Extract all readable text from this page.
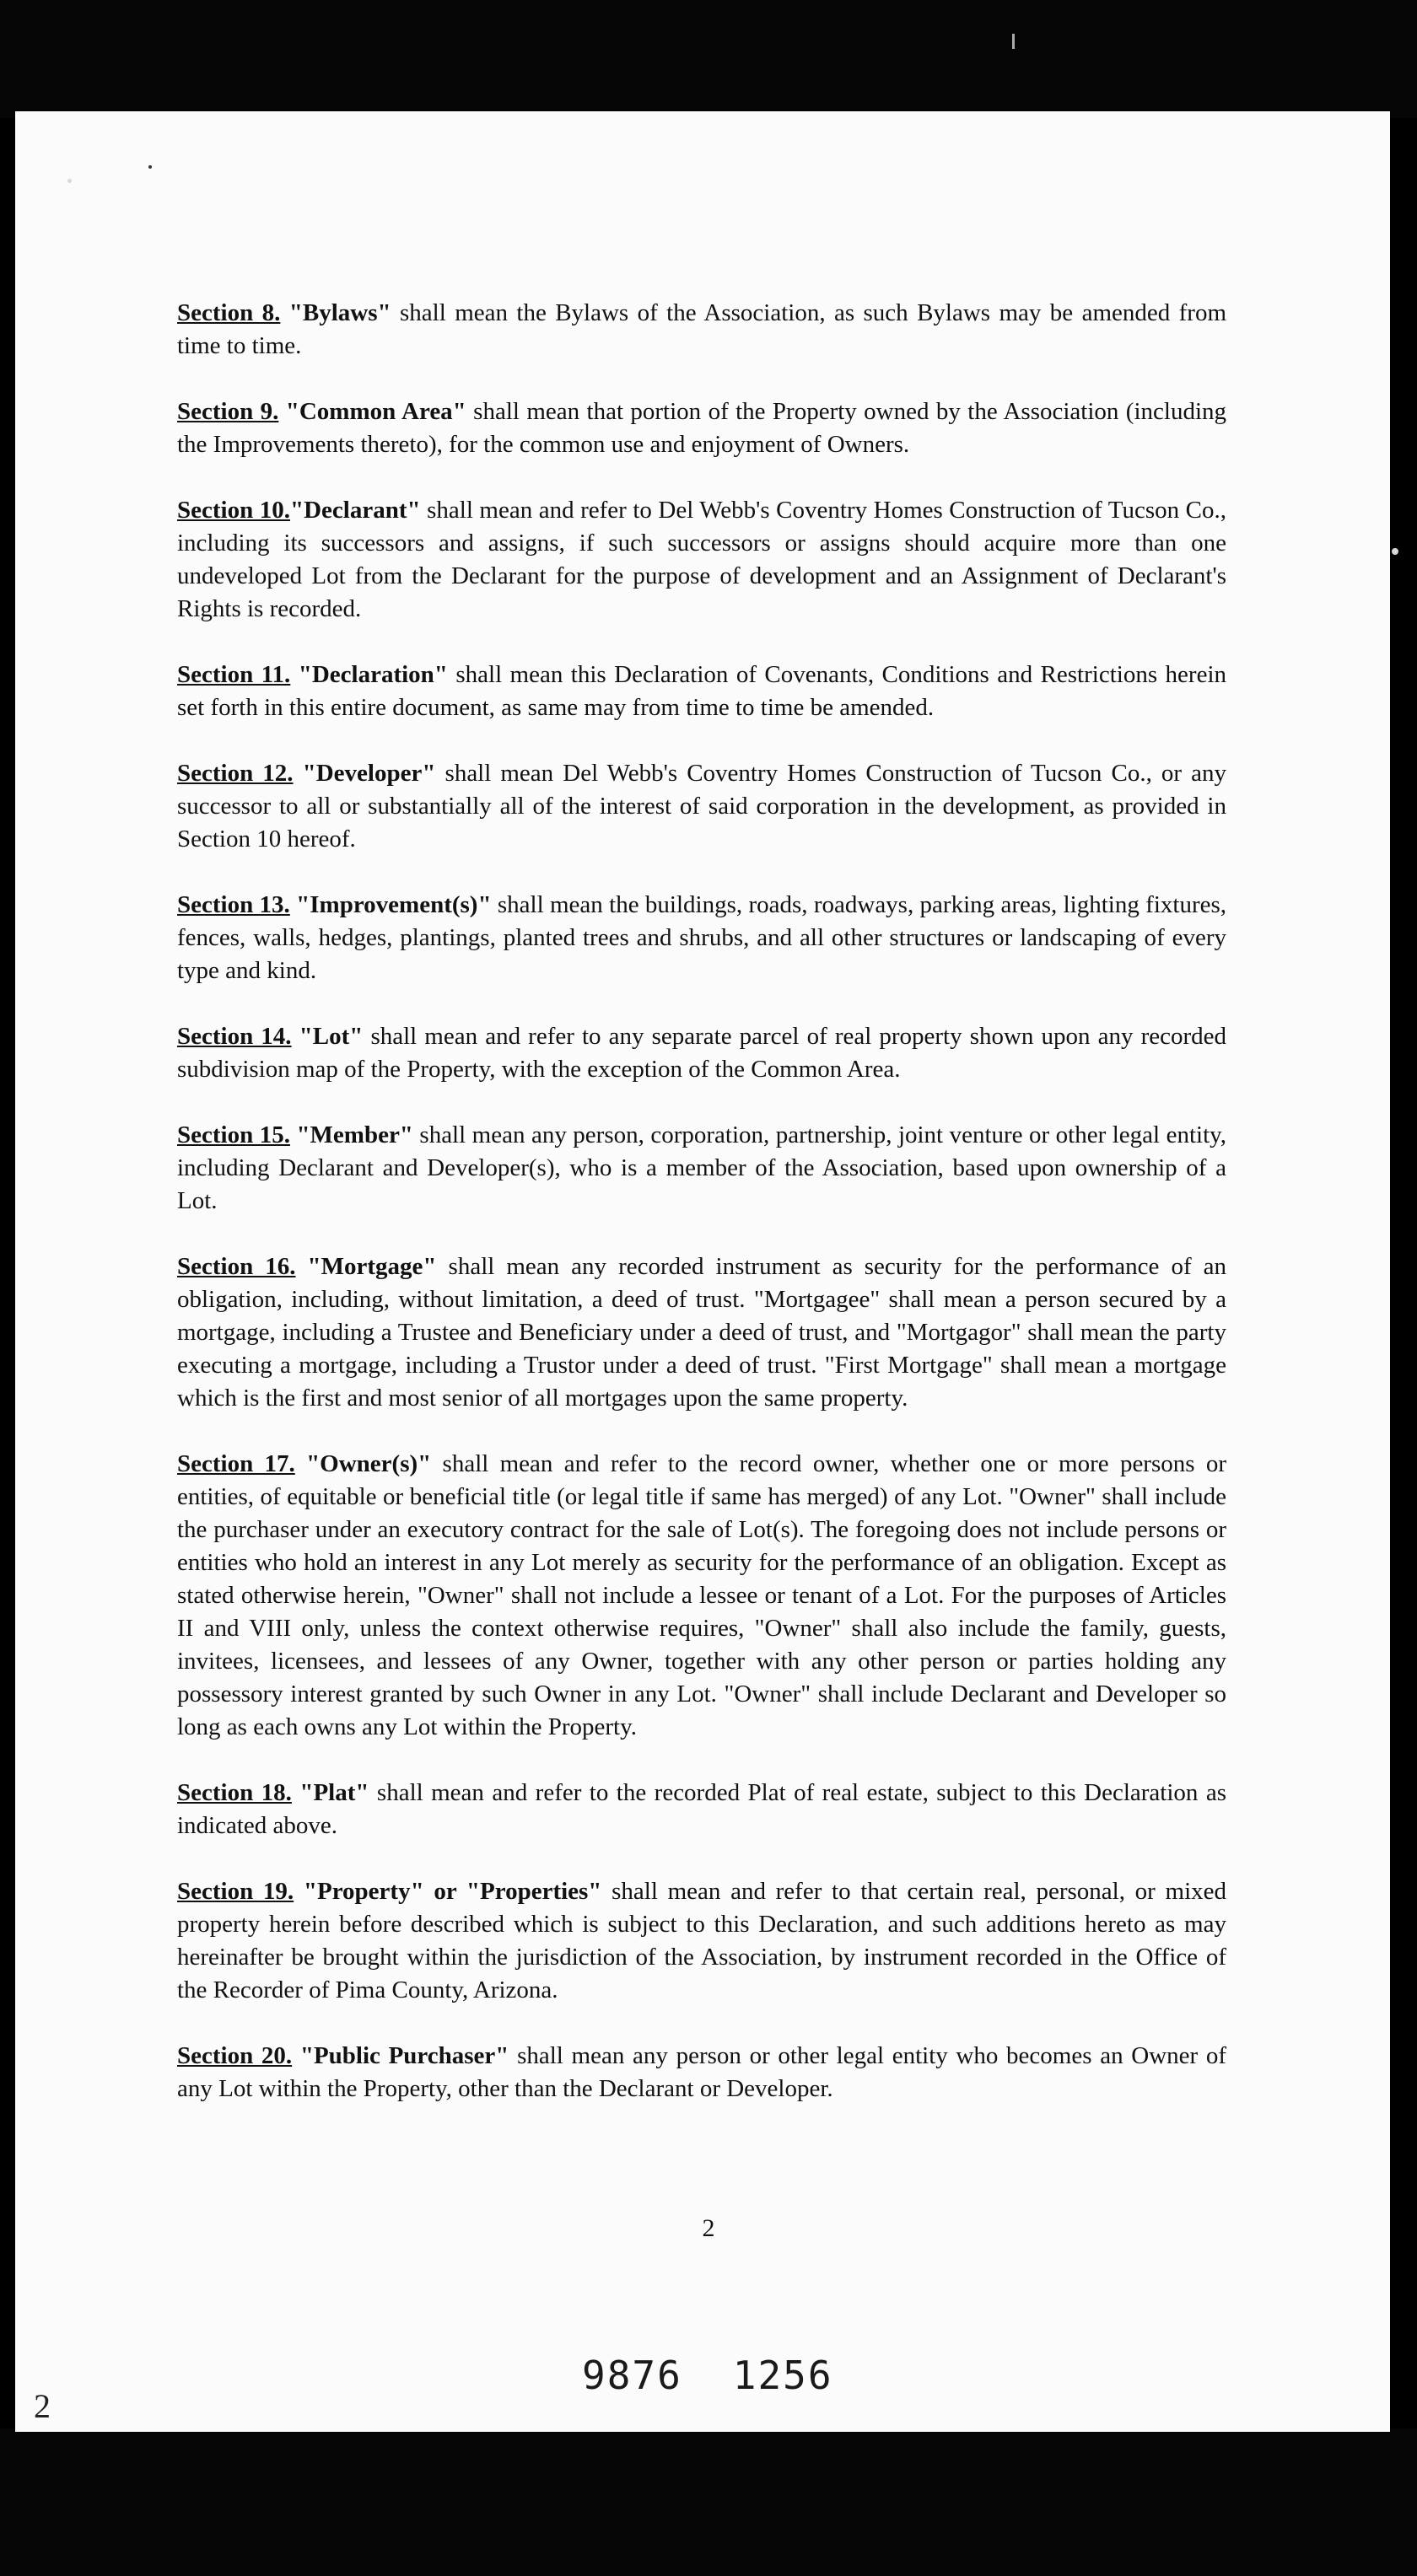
Section 8. "Bylaws" shall mean the Bylaws of the Association, as such Bylaws may be amended from time to time.
Section 9. "Common Area" shall mean that portion of the Property owned by the Association (including the Improvements thereto), for the common use and enjoyment of Owners.
Section 10."Declarant" shall mean and refer to Del Webb's Coventry Homes Construction of Tucson Co., including its successors and assigns, if such successors or assigns should acquire more than one undeveloped Lot from the Declarant for the purpose of development and an Assignment of Declarant's Rights is recorded.
Section 11. "Declaration" shall mean this Declaration of Covenants, Conditions and Restrictions herein set forth in this entire document, as same may from time to time be amended.
Section 12. "Developer" shall mean Del Webb's Coventry Homes Construction of Tucson Co., or any successor to all or substantially all of the interest of said corporation in the development, as provided in Section 10 hereof.
Section 13. "Improvement(s)" shall mean the buildings, roads, roadways, parking areas, lighting fixtures, fences, walls, hedges, plantings, planted trees and shrubs, and all other structures or landscaping of every type and kind.
Section 14. "Lot" shall mean and refer to any separate parcel of real property shown upon any recorded subdivision map of the Property, with the exception of the Common Area.
Section 15. "Member" shall mean any person, corporation, partnership, joint venture or other legal entity, including Declarant and Developer(s), who is a member of the Association, based upon ownership of a Lot.
Section 16. "Mortgage" shall mean any recorded instrument as security for the performance of an obligation, including, without limitation, a deed of trust. "Mortgagee" shall mean a person secured by a mortgage, including a Trustee and Beneficiary under a deed of trust, and "Mortgagor" shall mean the party executing a mortgage, including a Trustor under a deed of trust. "First Mortgage" shall mean a mortgage which is the first and most senior of all mortgages upon the same property.
Section 17. "Owner(s)" shall mean and refer to the record owner, whether one or more persons or entities, of equitable or beneficial title (or legal title if same has merged) of any Lot. "Owner" shall include the purchaser under an executory contract for the sale of Lot(s). The foregoing does not include persons or entities who hold an interest in any Lot merely as security for the performance of an obligation. Except as stated otherwise herein, "Owner" shall not include a lessee or tenant of a Lot. For the purposes of Articles II and VIII only, unless the context otherwise requires, "Owner" shall also include the family, guests, invitees, licensees, and lessees of any Owner, together with any other person or parties holding any possessory interest granted by such Owner in any Lot. "Owner" shall include Declarant and Developer so long as each owns any Lot within the Property.
Section 18. "Plat" shall mean and refer to the recorded Plat of real estate, subject to this Declaration as indicated above.
Section 19. "Property" or "Properties" shall mean and refer to that certain real, personal, or mixed property herein before described which is subject to this Declaration, and such additions hereto as may hereinafter be brought within the jurisdiction of the Association, by instrument recorded in the Office of the Recorder of Pima County, Arizona.
Section 20. "Public Purchaser" shall mean any person or other legal entity who becomes an Owner of any Lot within the Property, other than the Declarant or Developer.
2
9876 1256
2
